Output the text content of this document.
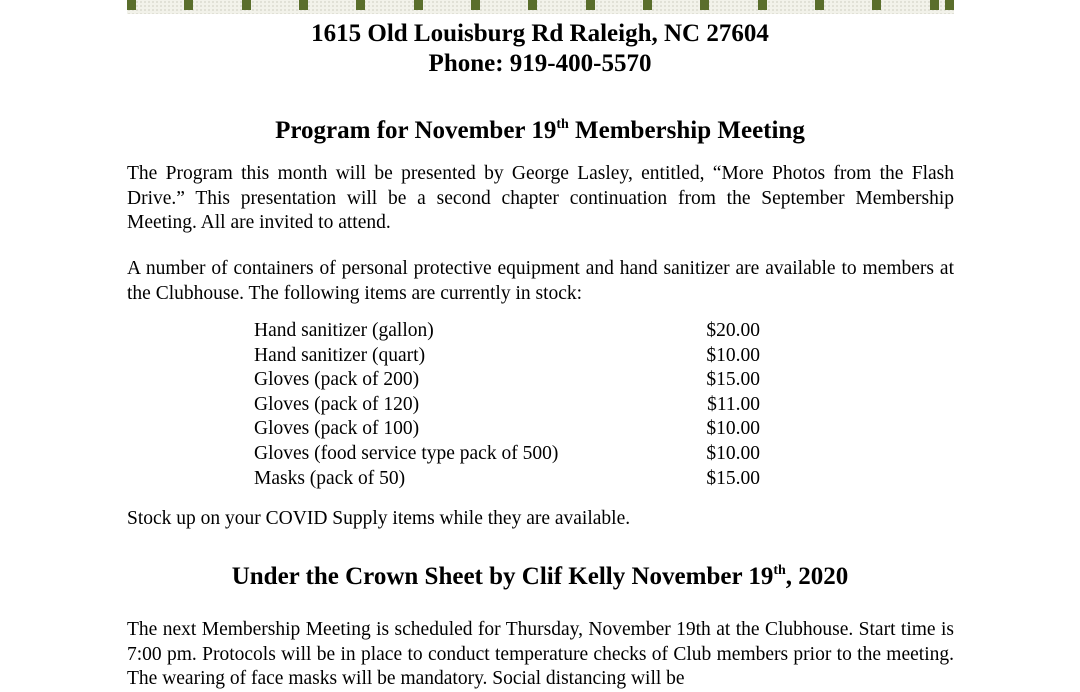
1615 Old Louisburg Rd Raleigh, NC 27604
Phone: 919-400-5570
Program for November 19th Membership Meeting

The Program this month will be presented by George Lasley, entitled, “More Photos from the Flash Drive.” This presentation will be a second chapter continuation from the September Membership Meeting. All are invited to attend.

A number of containers of personal protective equipment and hand sanitizer are available to members at the Clubhouse. The following items are currently in stock:

Hand sanitizer (gallon)	$20.00
Hand sanitizer (quart)	$10.00
Gloves (pack of 200)	$15.00
Gloves (pack of 120)	$11.00
Gloves (pack of 100)	$10.00
Gloves (food service type pack of 500)	$10.00
Masks (pack of 50)	$15.00

Stock up on your COVID Supply items while they are available.

Under the Crown Sheet by Clif Kelly November 19th, 2020

The next Membership Meeting is scheduled for Thursday, November 19th at the Clubhouse. Start time is 7:00 pm. Protocols will be in place to conduct temperature checks of Club members prior to the meeting. The wearing of face masks will be mandatory. Social distancing will be
